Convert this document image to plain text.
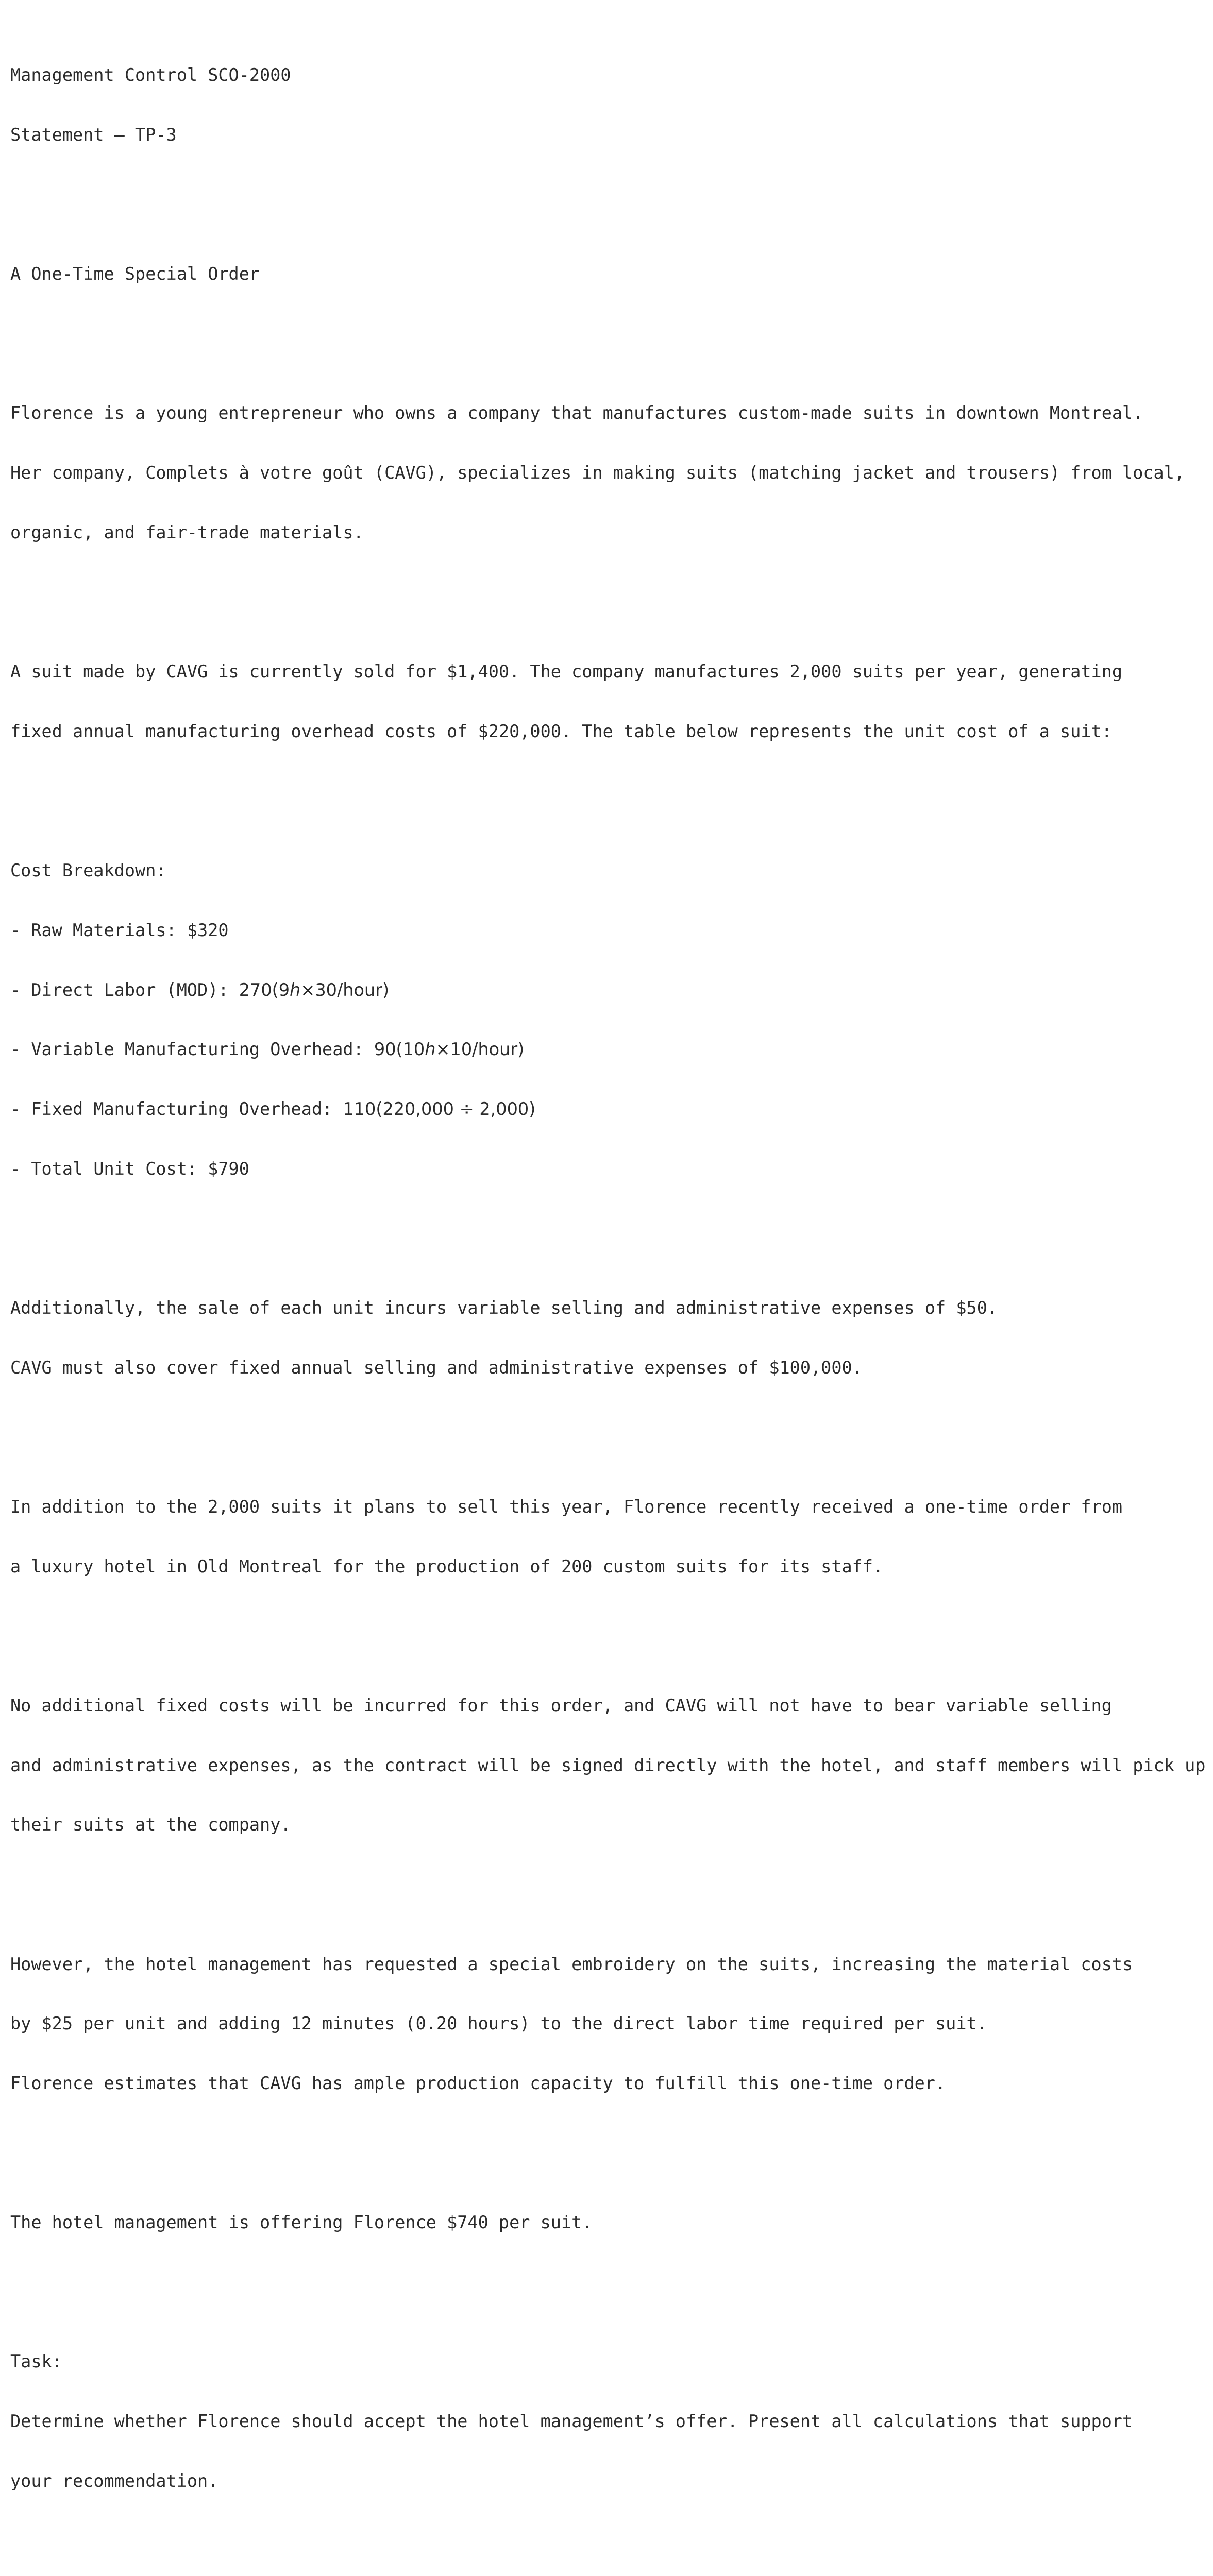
Management Control SCO-2000

Statement – TP-3

A One-Time Special Order

Florence is a young entrepreneur who owns a company that manufactures custom-made suits in downtown Montreal.

Her company, Complets à votre goût (CAVG), specializes in making suits (matching jacket and trousers) from local,

organic, and fair-trade materials.

A suit made by CAVG is currently sold for $1,400. The company manufactures 2,000 suits per year, generating

fixed annual manufacturing overhead costs of $220,000. The table below represents the unit cost of a suit:

Cost Breakdown:

- Raw Materials: $320

- Direct Labor (MOD): 270(9h×30/hour)

- Variable Manufacturing Overhead: 90(10h×10/hour)

- Fixed Manufacturing Overhead: 110(220,000 ÷ 2,000)

- Total Unit Cost: $790

Additionally, the sale of each unit incurs variable selling and administrative expenses of $50.

CAVG must also cover fixed annual selling and administrative expenses of $100,000.

In addition to the 2,000 suits it plans to sell this year, Florence recently received a one-time order from

a luxury hotel in Old Montreal for the production of 200 custom suits for its staff.

No additional fixed costs will be incurred for this order, and CAVG will not have to bear variable selling

and administrative expenses, as the contract will be signed directly with the hotel, and staff members will pick up

their suits at the company.

However, the hotel management has requested a special embroidery on the suits, increasing the material costs

by $25 per unit and adding 12 minutes (0.20 hours) to the direct labor time required per suit.

Florence estimates that CAVG has ample production capacity to fulfill this one-time order.

The hotel management is offering Florence $740 per suit.

Task:

Determine whether Florence should accept the hotel management’s offer. Present all calculations that support

your recommendation.
